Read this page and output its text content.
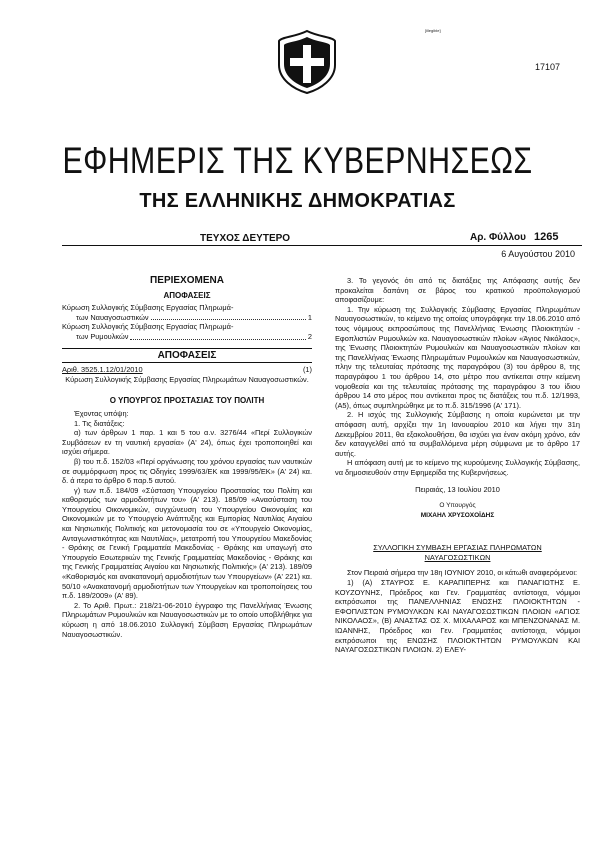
[illegible]
17107
ΕΦΗΜΕΡΙΣ ΤΗΣ ΚΥΒΕΡΝΗΣΕΩΣ
ΤΗΣ ΕΛΛΗΝΙΚΗΣ ΔΗΜΟΚΡΑΤΙΑΣ
ΤΕΥΧΟΣ ΔΕΥΤΕΡΟ	Αρ. Φύλλου 1265
6 Αυγούστου 2010
ΠΕΡΙΕΧΟΜΕΝΑ
ΑΠΟΦΑΣΕΙΣ
Κύρωση Συλλογικής Σύμβασης Εργασίας Πληρωμά-
των Ναυαγοσωστικών	1
Κύρωση Συλλογικής Σύμβασης Εργασίας Πληρωμά-
των Ρυμουλκών	2
ΑΠΟΦΑΣΕΙΣ
Αριθ. 3525.1.12/01/2010	(1)

Κύρωση Συλλογικής Σύμβασης Εργασίας Πληρωμάτων Ναυαγοσωστικών.

Ο ΥΠΟΥΡΓΟΣ ΠΡΟΣΤΑΣΙΑΣ ΤΟΥ ΠΟΛΙΤΗ

Έχοντας υπόψη:

1. Τις διατάξεις:

α) των άρθρων 1 παρ. 1 και 5 του α.ν. 3276/44 «Περί Συλλογικών Συμβάσεων εν τη ναυτική εργασία» (Α' 24), όπως έχει τροποποιηθεί και ισχύει σήμερα.

β) του π.δ. 152/03 «Περί οργάνωσης του χρόνου εργασίας των ναυτικών σε συμμόρφωση προς τις Οδηγίες 1999/63/ΕΚ και 1999/95/ΕΚ» (Α' 24) κα. δ. ά ιτερα το άρθρο 6 παρ.5 αυτού.

γ) των π.δ. 184/09 «Σύσταση Υπουργείου Προστασίας του Πολίτη και καθορισμός των αρμοδιοτήτων του» (Α' 213). 185/09 «Ανασύσταση του Υπουργείου Οικονομικών, συγχώνευση του Υπουργείου Οικονομίας και Οικονομικών με το Υπουργείο Ανάπτυξης και Εμπορίας Ναυτιλίας Αιγαίου και Νησιωτικής Πολιτικής και μετονομασία του σε «Υπουργείο Οικονομίας, Ανταγωνιστικότητας και Ναυτιλίας», μετατροπή του Υπουργείου Μακεδονίας - Θράκης σε Γενική Γραμματεία Μακεδονίας - Θράκης και υπαγωγή στο Υπουργείο Εσωτερικών της Γενικής Γραμματείας Μακεδονίας - Θράκης και της Γενικής Γραμματείας Αιγαίου και Νησιωτικής Πολιτικής» (Α' 213). 189/09 «Καθορισμός και ανακατανομή αρμοδιοτήτων των Υπουργείων» (Α' 221) κα. 50/10 «Ανακατανομή αρμοδιοτήτων των Υπουργείων και τροποποίησεις του π.δ. 189/2009» (Α' 89).

2. Το Αριθ. Πρωτ.: 218/21-06-2010 έγγραφο της Πανελλήνιας Ένωσης Πληρωμάτων Ρυμουλκών και Ναυαγοσωστικών με το οποίο υποβλήθηκε για κύρωση η από 18.06.2010 Συλλογική Σύμβαση Εργασίας Πληρωμάτων Ναυαγοσωστικών.

3. Το γεγονός ότι από τις διατάξεις της Απόφασης αυτής δεν προκαλείται δαπάνη σε βάρος του κρατικού προϋπολογισμού αποφασίζουμε:

1. Την κύρωση της Συλλογικής Σύμβασης Εργασίας Πληρωμάτων Ναυαγοσωστικών, το κείμενο της οποίας υπογράφηκε την 18.06.2010 από τους νόμιμους εκπροσώπους της Πανελλήνιας Ένωσης Πλοιοκτητών - Εφοπλιστών Ρυμουλκών κα. Ναυαγοσωστικών πλοίων «Άγιος Νικόλαος», της Ένωσης Πλοιοκτητών Ρυμουλκών και Ναυαγοσωστικών πλοίων και της Πανελλήνιας Ένωσης Πληρωμάτων Ρυμουλκών και Ναυαγοσωστικών, πλην της τελευταίας πρότασης της παραγράφου (3) του άρθρου 8, της παραγράφου 1 του άρθρου 14, στο μέτρο που αντίκειται στην κείμενη νομοθεσία και της τελευταίας πρότασης της παραγράφου 3 του ίδιου άρθρου 14 στο μέρος που αντίκειται προς τις διατάξεις του π.δ. 12/1993, (Α5), όπως συμπληρώθηκε με το π.δ. 315/1996 (Α' 171).

2. Η ισχύς της Συλλογικής Σύμβασης η οποία κυρώνεται με την απόφαση αυτή, αρχίζει την 1η Ιανουαρίου 2010 και λήγει την 31η Δεκεμβρίου 2011, θα εξακολουθήσει, θα ισχύει για έναν ακόμη χρόνο, εάν δεν καταγγελθεί από τα συμβαλλόμενα μέρη σύμφωνα με το άρθρο 17 αυτής.

Η απόφαση αυτή με το κείμενο της κυρούμενης Συλλογικής Σύμβασης, να δημοσιευθούν στην Εφημερίδα της Κυβερνήσεως.

Πειραιάς, 13 Ιουλίου 2010

Ο Υπουργός

ΜΙΧΑΗΛ ΧΡΥΣΟΧΟΪΔΗΣ

ΣΥΛΛΟΓΙΚΗ ΣΥΜΒΑΣΗ ΕΡΓΑΣΙΑΣ ΠΛΗΡΩΜΑΤΩΝ

ΝΑΥΑΓΟΣΩΣΤΙΚΩΝ

Στον Πειραιά σήμερα την 18η ΙΟΥΝΙΟΥ 2010, οι κάτωθι αναφερόμενοι:

1) (Α) ΣΤΑΥΡΟΣ Ε. ΚΑΡΑΠΙΠΕΡΗΣ και ΠΑΝΑΓΙΩΤΗΣ Ε. ΚΟΥΖΟΥΝΗΣ, Πρόεδρος και Γεν. Γραμματέας αντίστοιχα, νόμιμοι εκπρόσωποι της ΠΑΝΕΛΛΗΝΙΑΣ ΕΝΩΣΗΣ ΠΛΟΙΟΚΤΗΤΩΝ - ΕΦΟΠΛΙΣΤΩΝ ΡΥΜΟΥΛΚΩΝ ΚΑΙ ΝΑΥΑΓΟΣΩΣΤΙΚΩΝ ΠΛΟΙΩΝ «ΑΓΙΟΣ ΝΙΚΟΛΑΟΣ», (Β) ΑΝΑΣΤΑΣ ΟΣ Χ. ΜΙΧΑΛΑΡΟΣ και ΜΠΕΝΖΟΝΑΝΑΣ Μ. ΙΩΑΝΝΗΣ, Πρόεδρος και Γεν. Γραμματέας αντίστοιχα, νόμιμοι εκπρόσωποι της ΕΝΩΣΗΣ ΠΛΟΙΟΚΤΗΤΩΝ ΡΥΜΟΥΛΚΩΝ ΚΑΙ ΝΑΥΑΓΟΣΩΣΤΙΚΩΝ ΠΛΟΙΩΝ. 2) ΕΛΕΥ-
